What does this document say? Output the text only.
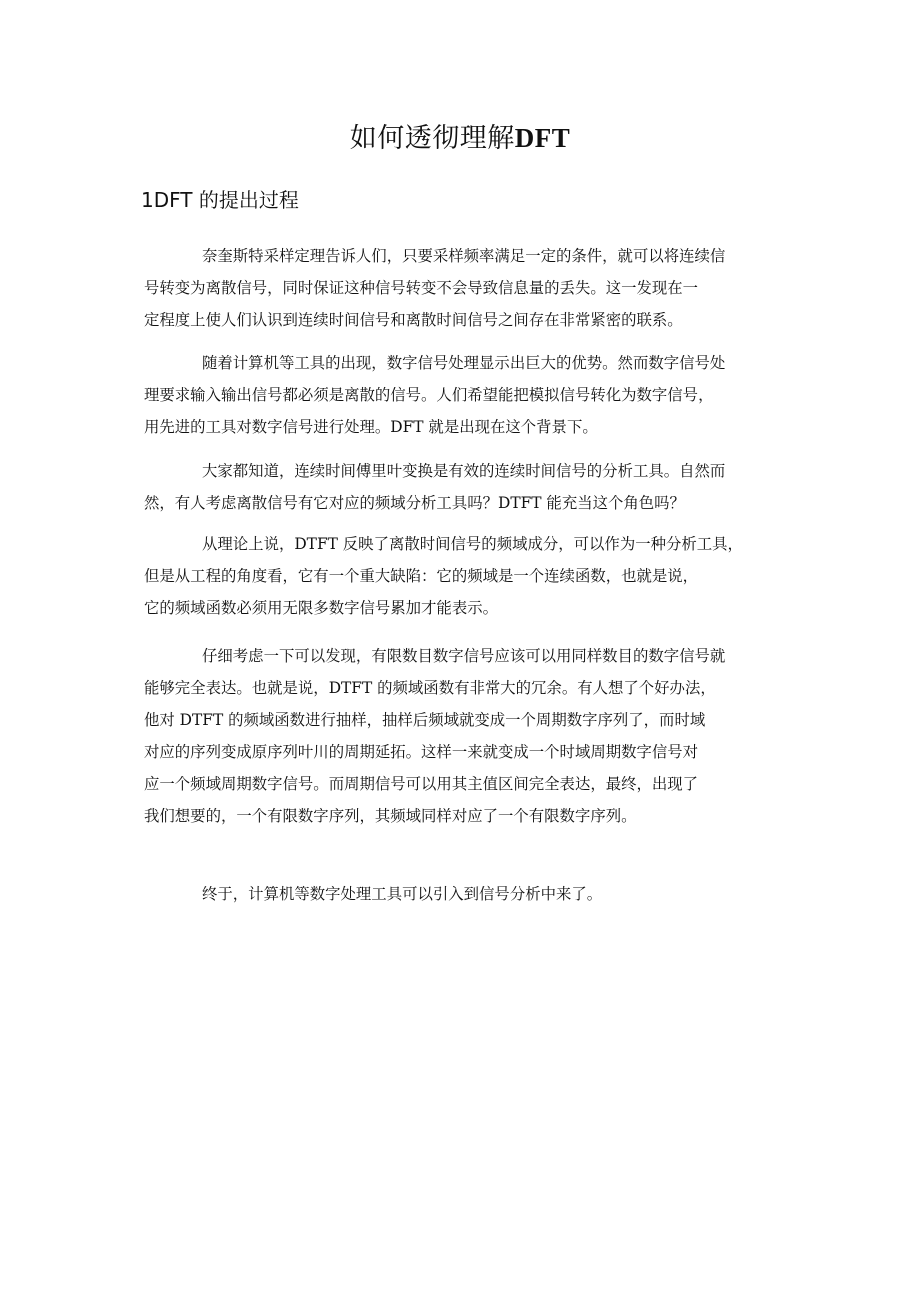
如何透彻理解DFT
1DFT 的提出过程
奈奎斯特采样定理告诉人们，只要采样频率满足一定的条件，就可以将连续信
号转变为离散信号，同时保证这种信号转变不会导致信息量的丢失。这一发现在一
定程度上使人们认识到连续时间信号和离散时间信号之间存在非常紧密的联系。
随着计算机等工具的出现，数字信号处理显示出巨大的优势。然而数字信号处
理要求输入输出信号都必须是离散的信号。人们希望能把模拟信号转化为数字信号，
用先进的工具对数字信号进行处理。DFT 就是出现在这个背景下。
大家都知道，连续时间傅里叶变换是有效的连续时间信号的分析工具。自然而
然，有人考虑离散信号有它对应的频域分析工具吗？DTFT 能充当这个角色吗？
从理论上说，DTFT 反映了离散时间信号的频域成分，可以作为一种分析工具，
但是从工程的角度看，它有一个重大缺陷：它的频域是一个连续函数，也就是说，
它的频域函数必须用无限多数字信号累加才能表示。
仔细考虑一下可以发现，有限数目数字信号应该可以用同样数目的数字信号就
能够完全表达。也就是说，DTFT 的频域函数有非常大的冗余。有人想了个好办法，
他对 DTFT 的频域函数进行抽样，抽样后频域就变成一个周期数字序列了，而时域
对应的序列变成原序列叶川的周期延拓。这样一来就变成一个时域周期数字信号对
应一个频域周期数字信号。而周期信号可以用其主值区间完全表达，最终，出现了
我们想要的，一个有限数字序列，其频域同样对应了一个有限数字序列。
终于，计算机等数字处理工具可以引入到信号分析中来了。
